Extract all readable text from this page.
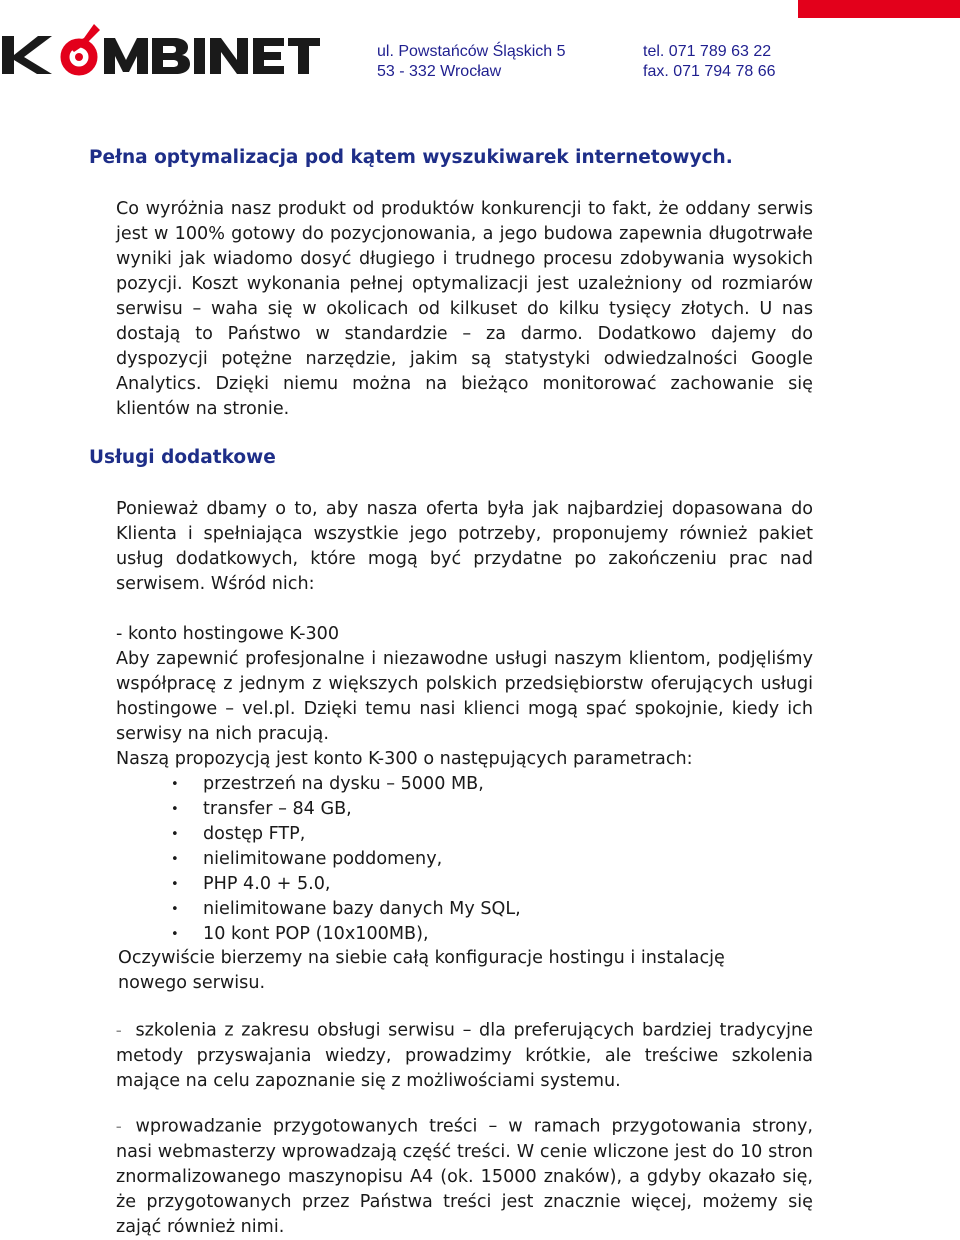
ul. Powstańców Śląskich 5
53 - 332 Wrocław
tel. 071 789 63 22
fax. 071 794 78 66
Pełna optymalizacja pod kątem wyszukiwarek internetowych.

Co wyróżnia nasz produkt od produktów konkurencji to fakt, że oddany serwis jest w 100% gotowy do pozycjonowania, a jego budowa zapewnia długotrwałe wyniki jak wiadomo dosyć długiego i trudnego procesu zdobywania wysokich pozycji. Koszt wykonania pełnej optymalizacji jest uzależniony od rozmiarów serwisu – waha się w okolicach od kilkuset do kilku tysięcy złotych. U nas dostają to Państwo w standardzie – za darmo. Dodatkowo dajemy do dyspozycji potężne narzędzie, jakim są statystyki odwiedzalności Google Analytics. Dzięki niemu można na bieżąco monitorować zachowanie się klientów na stronie.

Usługi dodatkowe

Ponieważ dbamy o to, aby nasza oferta była jak najbardziej dopasowana do Klienta i spełniająca wszystkie jego potrzeby, proponujemy również pakiet usług dodatkowych, które mogą być przydatne po zakończeniu prac nad serwisem. Wśród nich:

- konto hostingowe K-300
Aby zapewnić profesjonalne i niezawodne usługi naszym klientom, podjęliśmy współpracę z jednym z większych polskich przedsiębiorstw oferujących usługi hostingowe – vel.pl. Dzięki temu nasi klienci mogą spać spokojnie, kiedy ich serwisy na nich pracują.
Naszą propozycją jest konto K-300 o następujących parametrach:
• przestrzeń na dysku – 5000 MB,
• transfer – 84 GB,
• dostęp FTP,
• nielimitowane poddomeny,
• PHP 4.0 + 5.0,
• nielimitowane bazy danych My SQL,
• 10 kont POP (10x100MB),

Oczywiście bierzemy na siebie całą konfiguracje hostingu i instalację nowego serwisu.

– szkolenia z zakresu obsługi serwisu – dla preferujących bardziej tradycyjne metody przyswajania wiedzy, prowadzimy krótkie, ale treściwe szkolenia mające na celu zapoznanie się z możliwościami systemu.

– wprowadzanie przygotowanych treści – w ramach przygotowania strony, nasi webmasterzy wprowadzają część treści. W cenie wliczone jest do 10 stron znormalizowanego maszynopisu A4 (ok. 15000 znaków), a gdyby okazało się, że przygotowanych przez Państwa treści jest znacznie więcej, możemy się zająć również nimi.
